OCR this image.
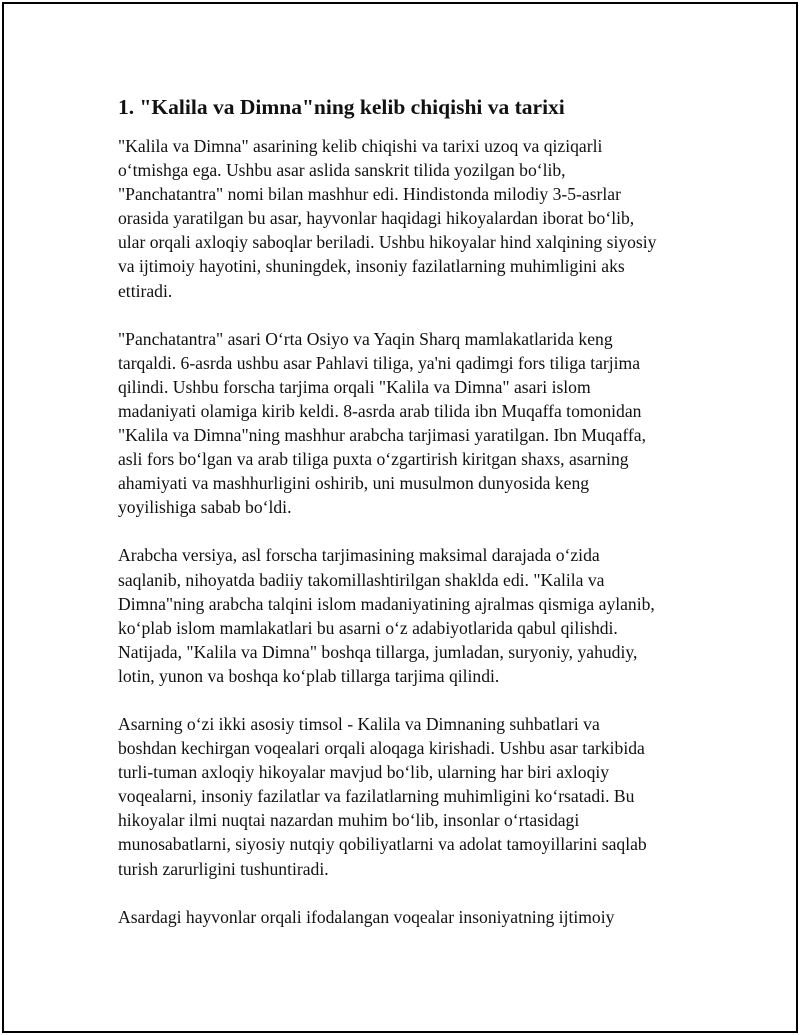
1. "Kalila va Dimna"ning kelib chiqishi va tarixi

"Kalila va Dimna" asarining kelib chiqishi va tarixi uzoq va qiziqarli
oʻtmishga ega. Ushbu asar aslida sanskrit tilida yozilgan boʻlib,
"Panchatantra" nomi bilan mashhur edi. Hindistonda milodiy 3-5-asrlar
orasida yaratilgan bu asar, hayvonlar haqidagi hikoyalardan iborat boʻlib,
ular orqali axloqiy saboqlar beriladi. Ushbu hikoyalar hind xalqining siyosiy
va ijtimoiy hayotini, shuningdek, insoniy fazilatlarning muhimligini aks
ettiradi.

"Panchatantra" asari Oʻrta Osiyo va Yaqin Sharq mamlakatlarida keng
tarqaldi. 6-asrda ushbu asar Pahlavi tiliga, ya'ni qadimgi fors tiliga tarjima
qilindi. Ushbu forscha tarjima orqali "Kalila va Dimna" asari islom
madaniyati olamiga kirib keldi. 8-asrda arab tilida ibn Muqaffa tomonidan
"Kalila va Dimna"ning mashhur arabcha tarjimasi yaratilgan. Ibn Muqaffa,
asli fors boʻlgan va arab tiliga puxta oʻzgartirish kiritgan shaxs, asarning
ahamiyati va mashhurligini oshirib, uni musulmon dunyosida keng
yoyilishiga sabab boʻldi.

Arabcha versiya, asl forscha tarjimasining maksimal darajada oʻzida
saqlanib, nihoyatda badiiy takomillashtirilgan shaklda edi. "Kalila va
Dimna"ning arabcha talqini islom madaniyatining ajralmas qismiga aylanib,
koʻplab islom mamlakatlari bu asarni oʻz adabiyotlarida qabul qilishdi.
Natijada, "Kalila va Dimna" boshqa tillarga, jumladan, suryoniy, yahudiy,
lotin, yunon va boshqa koʻplab tillarga tarjima qilindi.

Asarning oʻzi ikki asosiy timsol - Kalila va Dimnaning suhbatlari va
boshdan kechirgan voqealari orqali aloqaga kirishadi. Ushbu asar tarkibida
turli-tuman axloqiy hikoyalar mavjud boʻlib, ularning har biri axloqiy
voqealarni, insoniy fazilatlar va fazilatlarning muhimligini koʻrsatadi. Bu
hikoyalar ilmi nuqtai nazardan muhim boʻlib, insonlar oʻrtasidagi
munosabatlarni, siyosiy nutqiy qobiliyatlarni va adolat tamoyillarini saqlab
turish zarurligini tushuntiradi.

Asardagi hayvonlar orqali ifodalangan voqealar insoniyatning ijtimoiy
